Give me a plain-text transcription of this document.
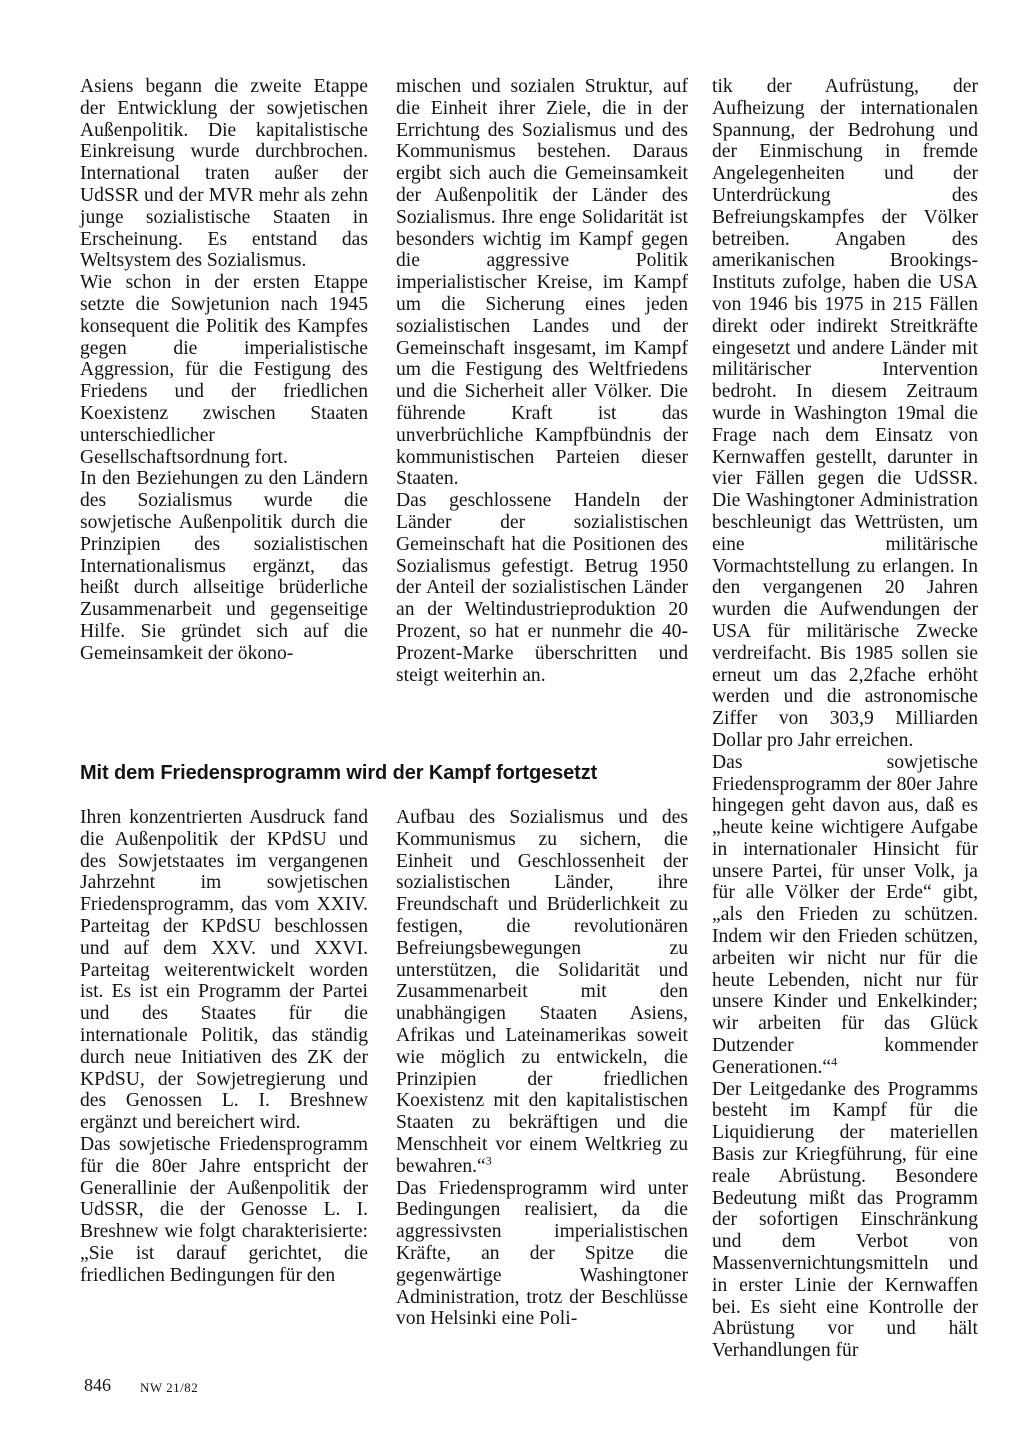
Asiens begann die zweite Etappe der Entwicklung der sowjetischen Außenpolitik. Die kapitalistische Einkreisung wurde durchbrochen. International traten außer der UdSSR und der MVR mehr als zehn junge sozialistische Staaten in Erscheinung. Es entstand das Weltsystem des Sozialismus.

Wie schon in der ersten Etappe setzte die Sowjetunion nach 1945 konsequent die Politik des Kampfes gegen die imperialistische Aggression, für die Festigung des Friedens und der friedlichen Koexistenz zwischen Staaten unterschiedlicher Gesellschaftsordnung fort.

In den Beziehungen zu den Ländern des Sozialismus wurde die sowjetische Außenpolitik durch die Prinzipien des sozialistischen Internationalismus ergänzt, das heißt durch allseitige brüderliche Zusammenarbeit und gegenseitige Hilfe. Sie gründet sich auf die Gemeinsamkeit der ökono-

mischen und sozialen Struktur, auf die Einheit ihrer Ziele, die in der Errichtung des Sozialismus und des Kommunismus bestehen. Daraus ergibt sich auch die Gemeinsamkeit der Außenpolitik der Länder des Sozialismus. Ihre enge Solidarität ist besonders wichtig im Kampf gegen die aggressive Politik imperialistischer Kreise, im Kampf um die Sicherung eines jeden sozialistischen Landes und der Gemeinschaft insgesamt, im Kampf um die Festigung des Weltfriedens und die Sicherheit aller Völker. Die führende Kraft ist das unverbrüchliche Kampfbündnis der kommunistischen Parteien dieser Staaten.

Das geschlossene Handeln der Länder der sozialistischen Gemeinschaft hat die Positionen des Sozialismus gefestigt. Betrug 1950 der Anteil der sozialistischen Länder an der Weltindustrieproduktion 20 Prozent, so hat er nunmehr die 40-Prozent-Marke überschritten und steigt weiterhin an.

tik der Aufrüstung, der Aufheizung der internationalen Spannung, der Bedrohung und der Einmischung in fremde Angelegenheiten und der Unterdrückung des Befreiungskampfes der Völker betreiben. Angaben des amerikanischen Brookings-Instituts zufolge, haben die USA von 1946 bis 1975 in 215 Fällen direkt oder indirekt Streitkräfte eingesetzt und andere Länder mit militärischer Intervention bedroht. In diesem Zeitraum wurde in Washington 19mal die Frage nach dem Einsatz von Kernwaffen gestellt, darunter in vier Fällen gegen die UdSSR. Die Washingtoner Administration beschleunigt das Wettrüsten, um eine militärische Vormachtstellung zu erlangen. In den vergangenen 20 Jahren wurden die Aufwendungen der USA für militärische Zwecke verdreifacht. Bis 1985 sollen sie erneut um das 2,2fache erhöht werden und die astronomische Ziffer von 303,9 Milliarden Dollar pro Jahr erreichen.

Das sowjetische Friedensprogramm der 80er Jahre hingegen geht davon aus, daß es „heute keine wichtigere Aufgabe in internationaler Hinsicht für unsere Partei, für unser Volk, ja für alle Völker der Erde“ gibt, „als den Frieden zu schützen. Indem wir den Frieden schützen, arbeiten wir nicht nur für die heute Lebenden, nicht nur für unsere Kinder und Enkelkinder; wir arbeiten für das Glück Dutzender kommender Generationen.“$^4$

Der Leitgedanke des Programms besteht im Kampf für die Liquidierung der materiellen Basis zur Kriegführung, für eine reale Abrüstung. Besondere Bedeutung mißt das Programm der sofortigen Einschränkung und dem Verbot von Massenvernichtungsmitteln und in erster Linie der Kernwaffen bei. Es sieht eine Kontrolle der Abrüstung vor und hält Verhandlungen für

Mit dem Friedensprogramm wird der Kampf fortgesetzt

Ihren konzentrierten Ausdruck fand die Außenpolitik der KPdSU und des Sowjetstaates im vergangenen Jahrzehnt im sowjetischen Friedensprogramm, das vom XXIV. Parteitag der KPdSU beschlossen und auf dem XXV. und XXVI. Parteitag weiterentwickelt worden ist. Es ist ein Programm der Partei und des Staates für die internationale Politik, das ständig durch neue Initiativen des ZK der KPdSU, der Sowjetregierung und des Genossen L. I. Breshnew ergänzt und bereichert wird.

Das sowjetische Friedensprogramm für die 80er Jahre entspricht der Generallinie der Außenpolitik der UdSSR, die der Genosse L. I. Breshnew wie folgt charakterisierte: „Sie ist darauf gerichtet, die friedlichen Bedingungen für den

Aufbau des Sozialismus und des Kommunismus zu sichern, die Einheit und Geschlossenheit der sozialistischen Länder, ihre Freundschaft und Brüderlichkeit zu festigen, die revolutionären Befreiungsbewegungen zu unterstützen, die Solidarität und Zusammenarbeit mit den unabhängigen Staaten Asiens, Afrikas und Lateinamerikas soweit wie möglich zu entwickeln, die Prinzipien der friedlichen Koexistenz mit den kapitalistischen Staaten zu bekräftigen und die Menschheit vor einem Weltkrieg zu bewahren.“$^3$

Das Friedensprogramm wird unter Bedingungen realisiert, da die aggressivsten imperialistischen Kräfte, an der Spitze die gegenwärtige Washingtoner Administration, trotz der Beschlüsse von Helsinki eine Poli-

846 NW 21/82
